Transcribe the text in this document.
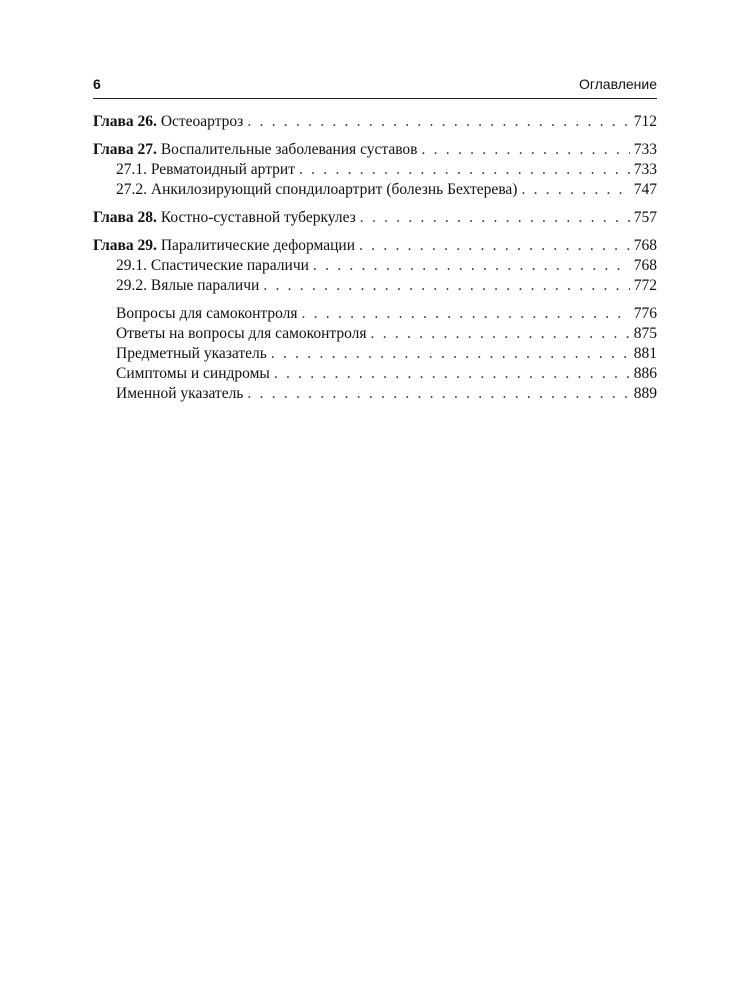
6	Оглавление
Глава 26. Остеоартроз . . .	712
Глава 27. Воспалительные заболевания суставов . . .	733
27.1. Ревматоидный артрит . . .	733
27.2. Анкилозирующий спондилоартрит (болезнь Бехтерева) . . .	747
Глава 28. Костно-суставной туберкулез . . .	757
Глава 29. Паралитические деформации . . .	768
29.1. Спастические параличи . . .	768
29.2. Вялые параличи . . .	772
Вопросы для самоконтроля . . .	776
Ответы на вопросы для самоконтроля . . .	875
Предметный указатель . . .	881
Симптомы и синдромы . . .	886
Именной указатель . . .	889
